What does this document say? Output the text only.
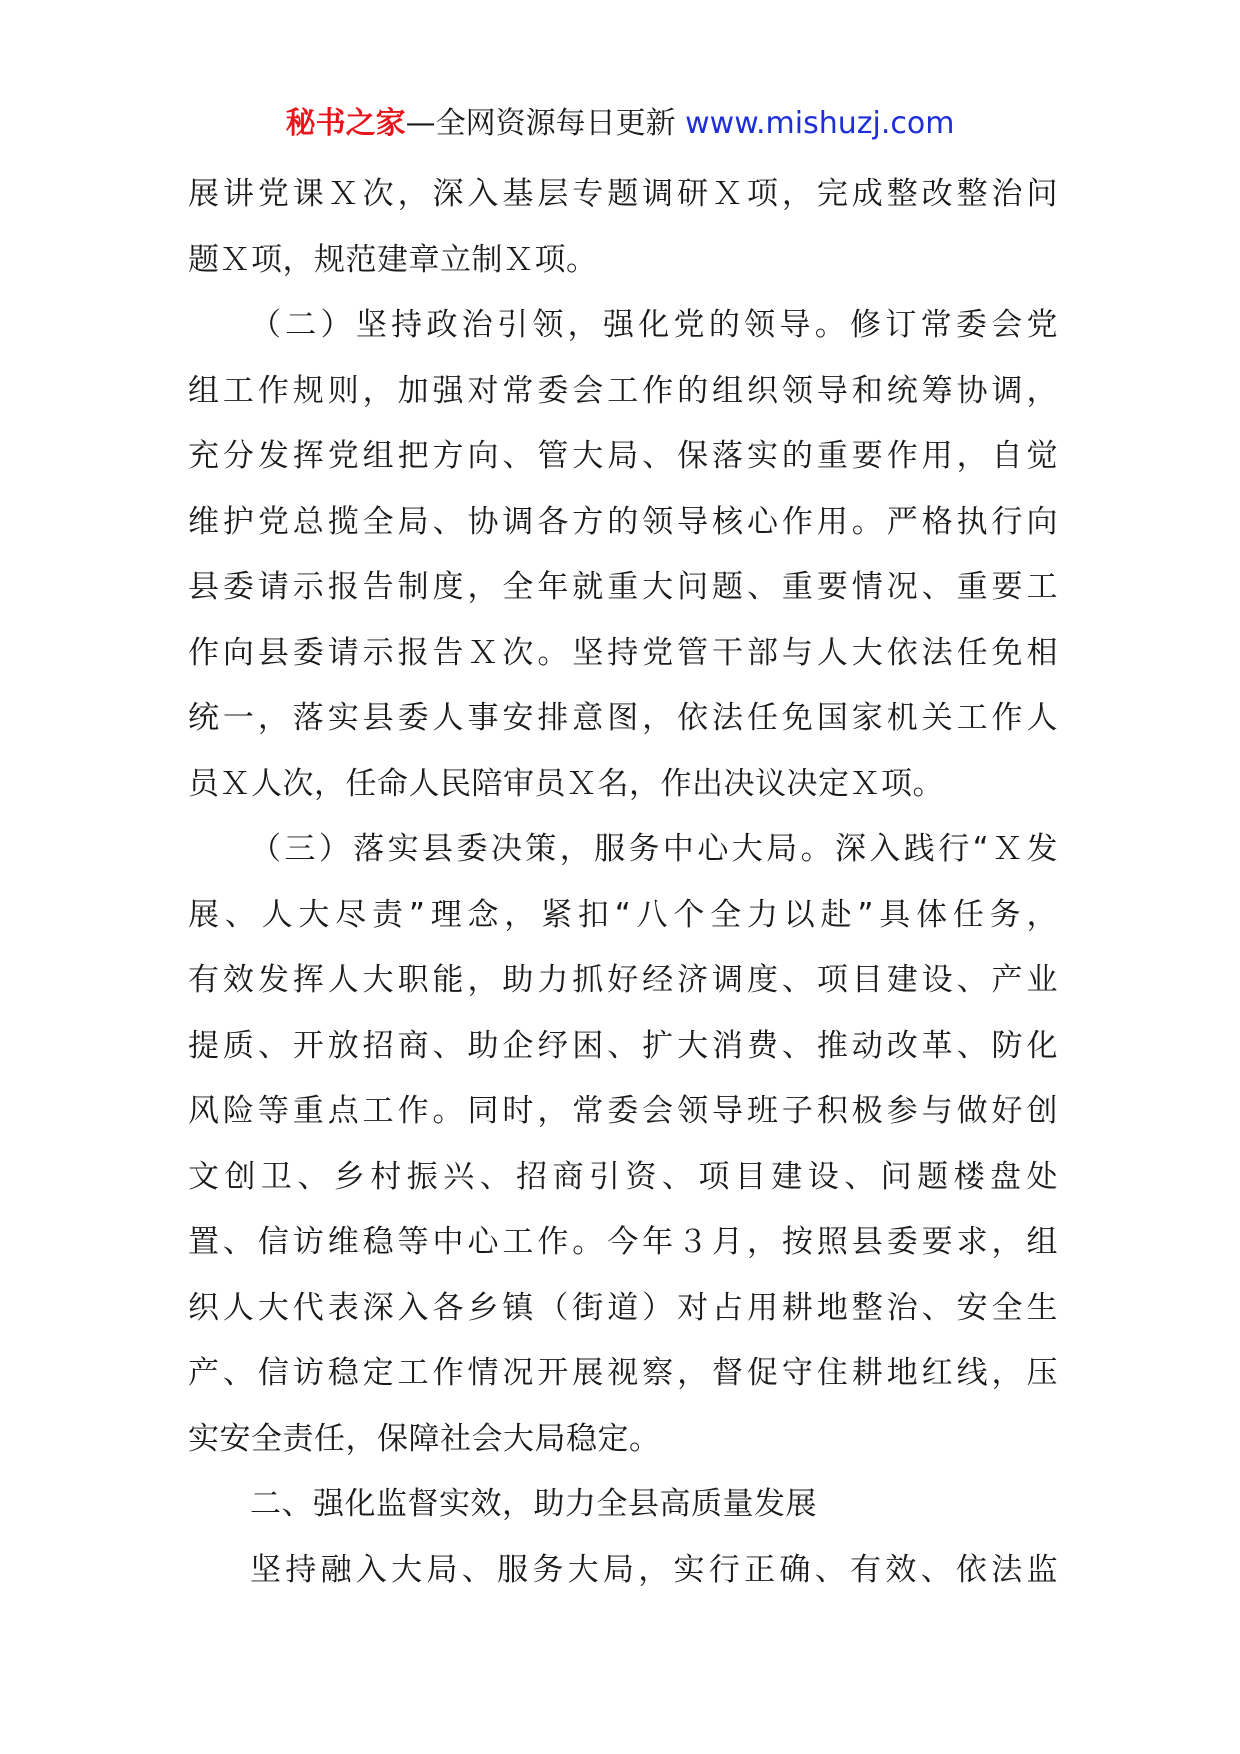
秘书之家—全网资源每日更新 www.mishuzj.com
展讲党课Ｘ次，深入基层专题调研Ｘ项，完成整改整治问
题Ｘ项，规范建章立制Ｘ项。
（二）坚持政治引领，强化党的领导。修订常委会党
组工作规则，加强对常委会工作的组织领导和统筹协调，
充分发挥党组把方向、管大局、保落实的重要作用，自觉
维护党总揽全局、协调各方的领导核心作用。严格执行向
县委请示报告制度，全年就重大问题、重要情况、重要工
作向县委请示报告Ｘ次。坚持党管干部与人大依法任免相
统一，落实县委人事安排意图，依法任免国家机关工作人
员Ｘ人次，任命人民陪审员Ｘ名，作出决议决定Ｘ项。
（三）落实县委决策，服务中心大局。深入践行“Ｘ发
展、人大尽责”理念，紧扣“八个全力以赴”具体任务，
有效发挥人大职能，助力抓好经济调度、项目建设、产业
提质、开放招商、助企纾困、扩大消费、推动改革、防化
风险等重点工作。同时，常委会领导班子积极参与做好创
文创卫、乡村振兴、招商引资、项目建设、问题楼盘处
置、信访维稳等中心工作。今年３月，按照县委要求，组
织人大代表深入各乡镇（街道）对占用耕地整治、安全生
产、信访稳定工作情况开展视察，督促守住耕地红线，压
实安全责任，保障社会大局稳定。
二、强化监督实效，助力全县高质量发展
坚持融入大局、服务大局，实行正确、有效、依法监
